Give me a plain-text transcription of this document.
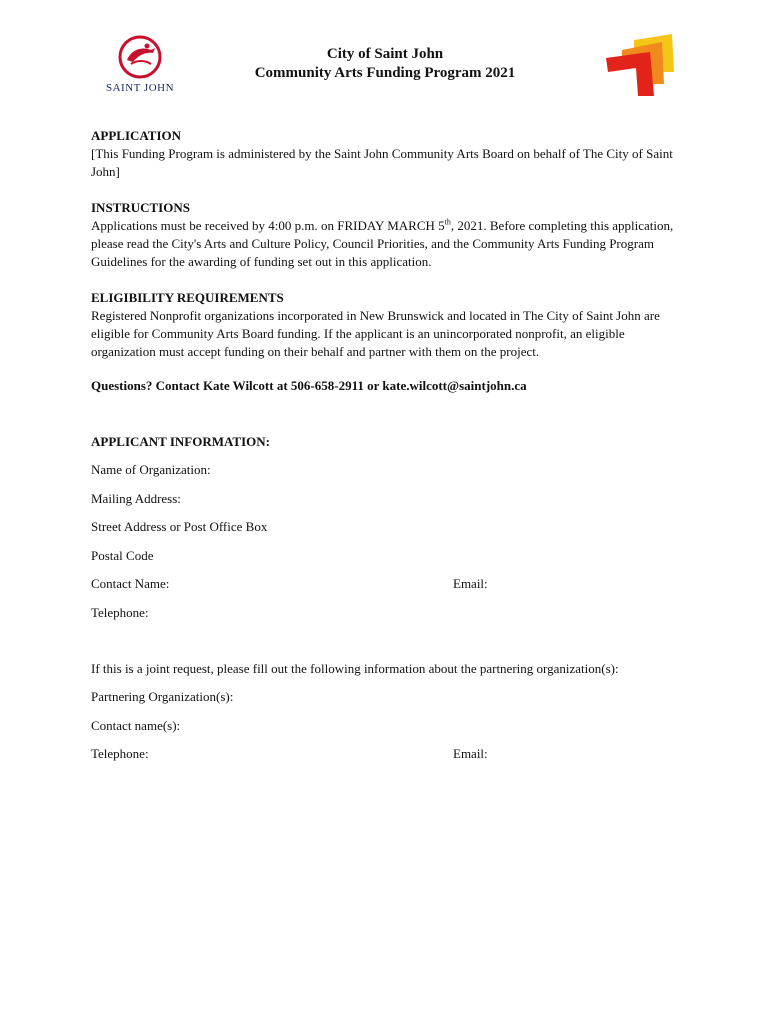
SAINT JOHN
City of Saint John
Community Arts Funding Program 2021
APPLICATION
[This Funding Program is administered by the Saint John Community Arts Board on behalf of The City of Saint John]
INSTRUCTIONS
Applications must be received by 4:00 p.m. on FRIDAY MARCH 5th, 2021. Before completing this application, please read the City's Arts and Culture Policy, Council Priorities, and the Community Arts Funding Program Guidelines for the awarding of funding set out in this application.
ELIGIBILITY REQUIREMENTS
Registered Nonprofit organizations incorporated in New Brunswick and located in The City of Saint John are eligible for Community Arts Board funding. If the applicant is an unincorporated nonprofit, an eligible organization must accept funding on their behalf and partner with them on the project.
Questions? Contact Kate Wilcott at 506-658-2911 or kate.wilcott@saintjohn.ca
APPLICANT INFORMATION:
Name of Organization:
Mailing Address:
Street Address or Post Office Box
Postal Code
Contact Name:	Email:
Telephone:
If this is a joint request, please fill out the following information about the partnering organization(s):
Partnering Organization(s):
Contact name(s):
Telephone:	Email:
